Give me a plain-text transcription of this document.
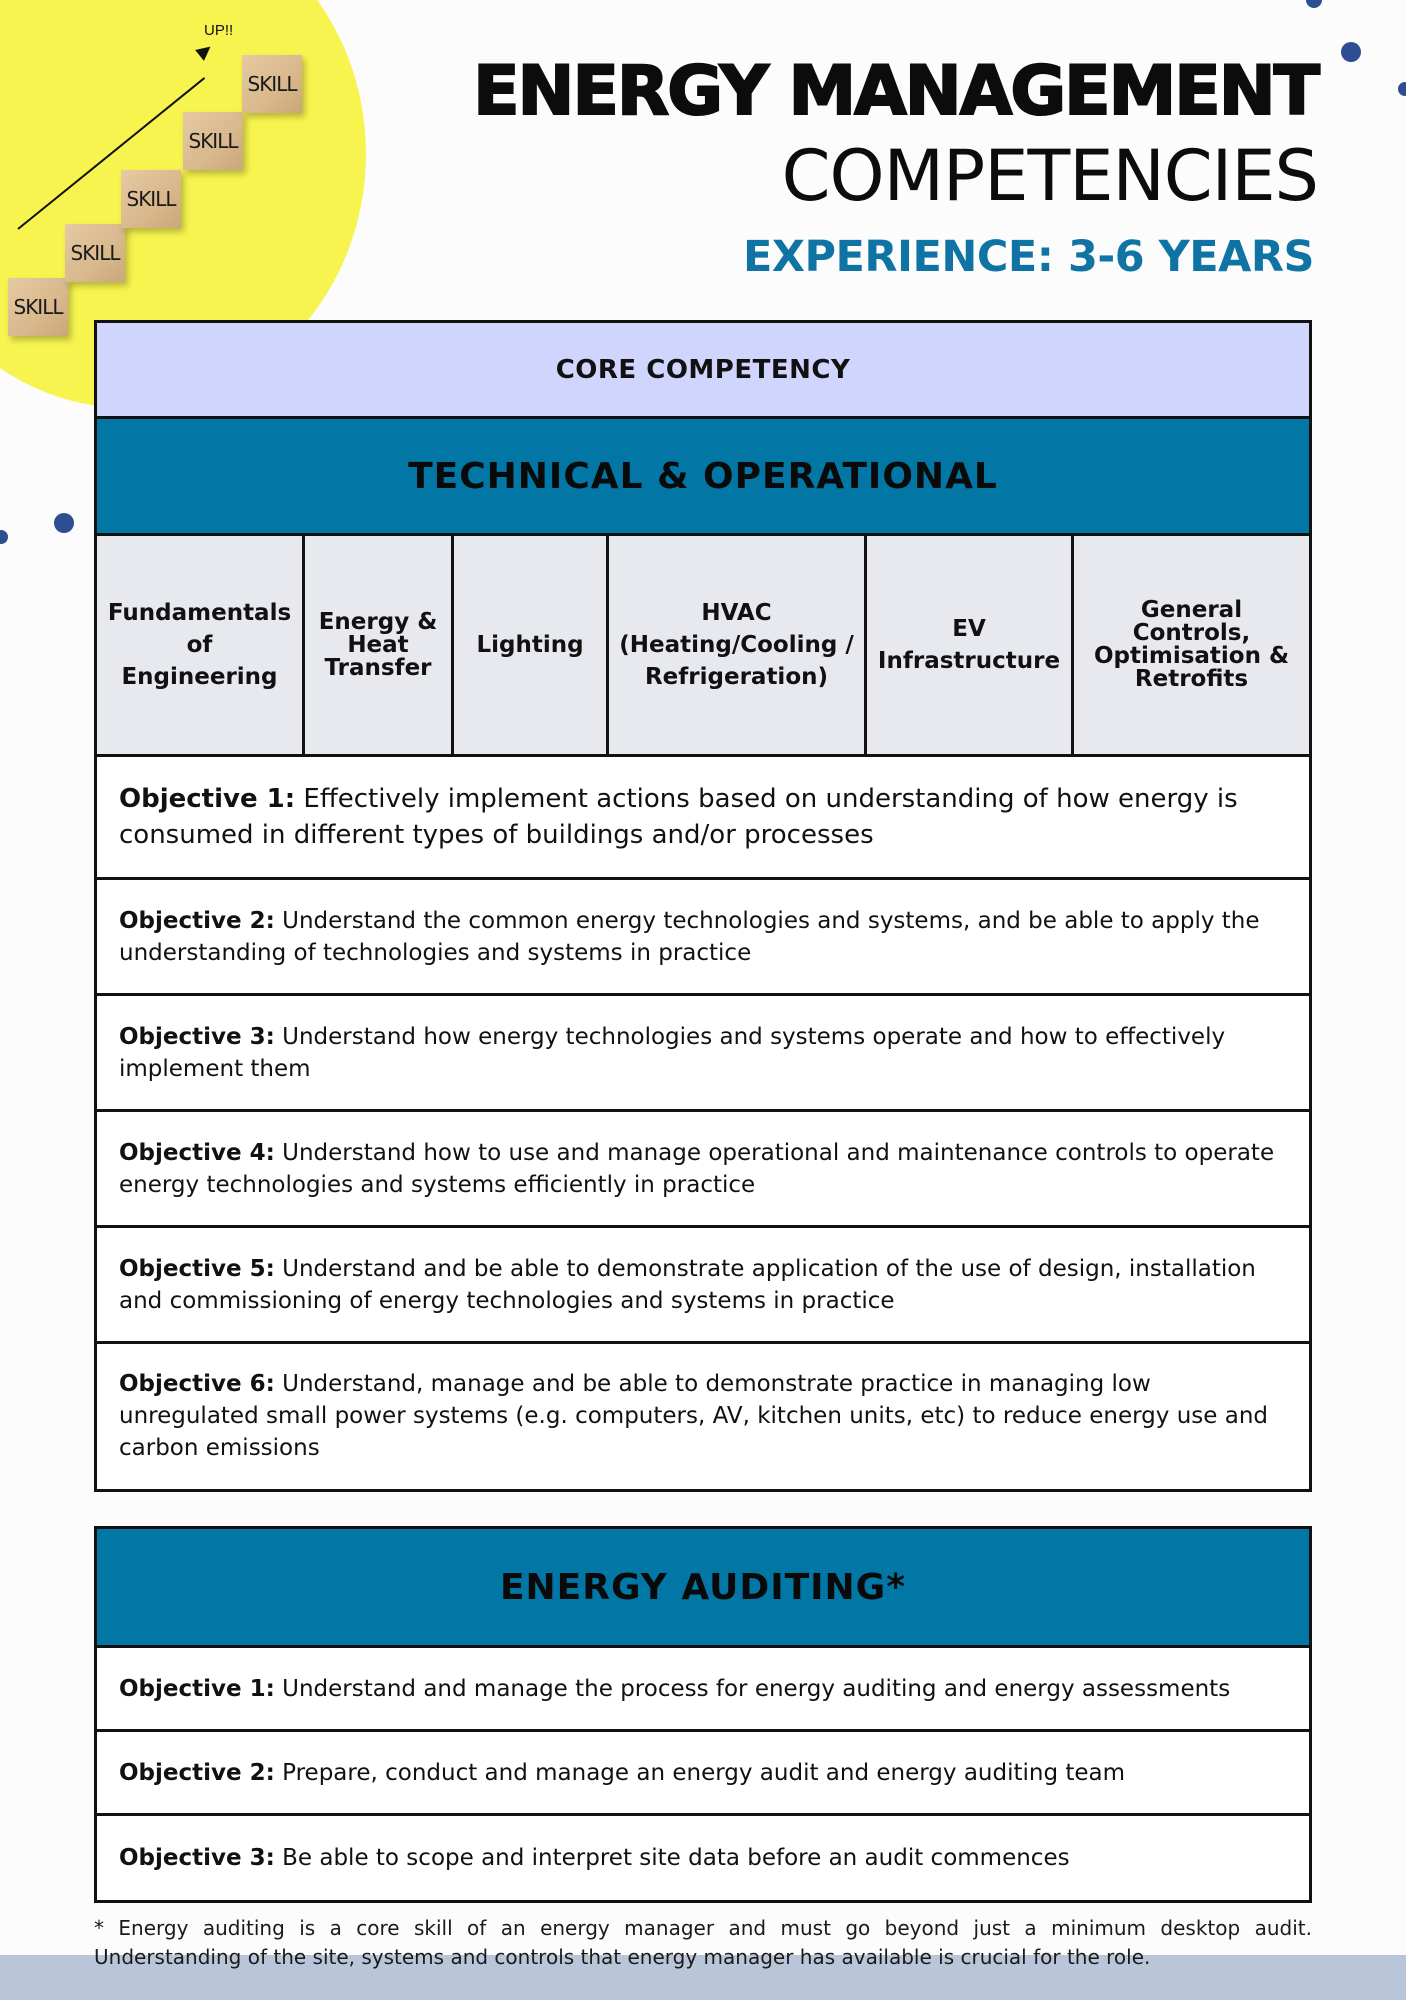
SKILL
SKILL
SKILL
SKILL
SKILL
UP!!
ENERGY MANAGEMENT
COMPETENCIES
EXPERIENCE: 3-6 YEARS
CORE COMPETENCY
TECHNICAL & OPERATIONAL
Fundamentals of Engineering
Energy & Heat Transfer
Lighting
HVAC (Heating/Cooling / Refrigeration)
EV Infrastructure
General Controls, Optimisation & Retrofits
Objective 1: Effectively implement actions based on understanding of how energy is consumed in different types of buildings and/or processes
Objective 2: Understand the common energy technologies and systems, and be able to apply the understanding of technologies and systems in practice
Objective 3: Understand how energy technologies and systems operate and how to effectively implement them
Objective 4: Understand how to use and manage operational and maintenance controls to operate energy technologies and systems efficiently in practice
Objective 5: Understand and be able to demonstrate application of the use of design, installation and commissioning of energy technologies and systems in practice
Objective 6: Understand, manage and be able to demonstrate practice in managing low unregulated small power systems (e.g. computers, AV, kitchen units, etc) to reduce energy use and carbon emissions
ENERGY AUDITING*
Objective 1: Understand and manage the process for energy auditing and energy assessments
Objective 2: Prepare, conduct and manage an energy audit and energy auditing team
Objective 3: Be able to scope and interpret site data before an audit commences
* Energy auditing is a core skill of an energy manager and must go beyond just a minimum desktop audit. Understanding of the site, systems and controls that energy manager has available is crucial for the role.
